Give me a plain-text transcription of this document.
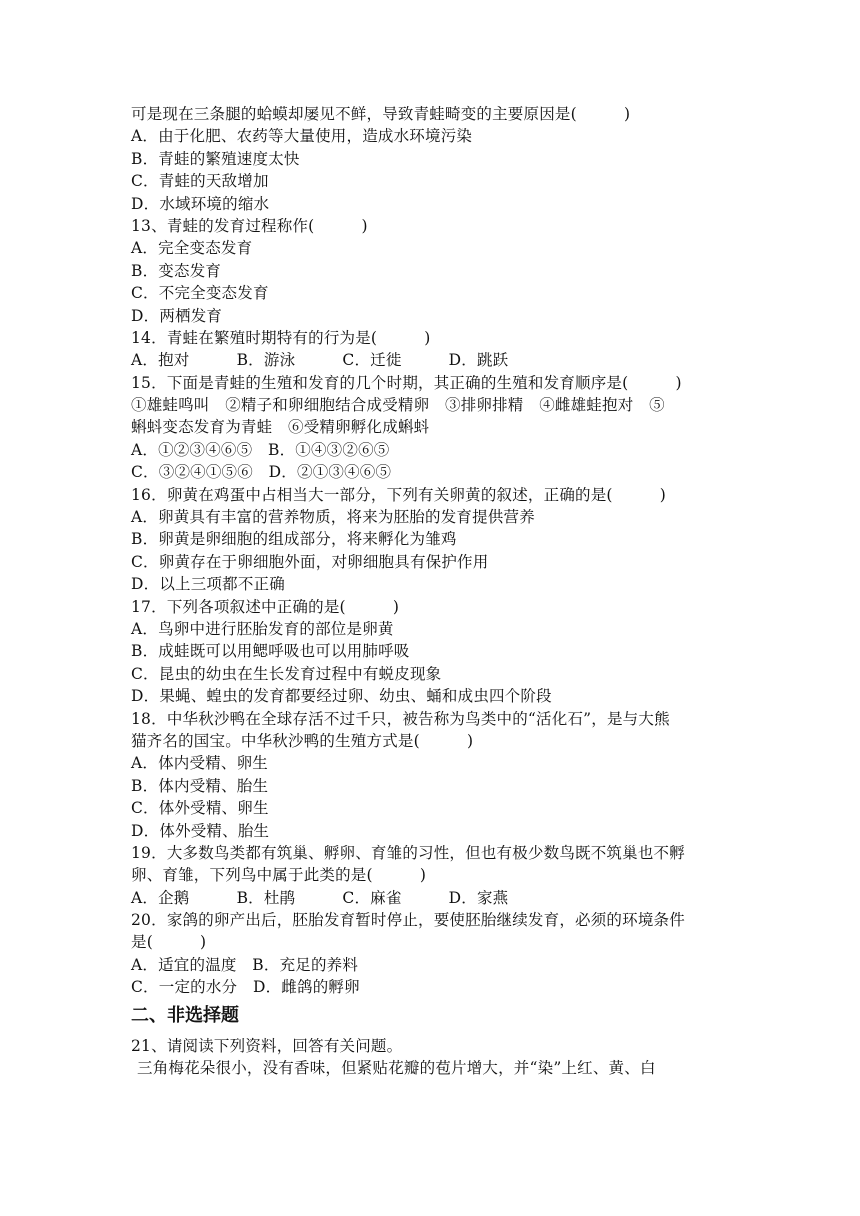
可是现在三条腿的蛤蟆却屡见不鲜，导致青蛙畸变的主要原因是(　　　)
A．由于化肥、农药等大量使用，造成水环境污染
B．青蛙的繁殖速度太快
C．青蛙的天敌增加
D．水域环境的缩水
13、青蛙的发育过程称作(　　　)
A．完全变态发育
B．变态发育
C．不完全变态发育
D．两栖发育
14．青蛙在繁殖时期特有的行为是(　　　)
A．抱对　　　B．游泳　　　C．迁徙　　　D．跳跃
15．下面是青蛙的生殖和发育的几个时期，其正确的生殖和发育顺序是(　　　)
①雄蛙鸣叫　②精子和卵细胞结合成受精卵　③排卵排精　④雌雄蛙抱对　⑤
蝌蚪变态发育为青蛙　⑥受精卵孵化成蝌蚪
A．①②③④⑥⑤　B．①④③②⑥⑤
C．③②④①⑤⑥　D．②①③④⑥⑤
16．卵黄在鸡蛋中占相当大一部分，下列有关卵黄的叙述，正确的是(　　　)
A．卵黄具有丰富的营养物质，将来为胚胎的发育提供营养
B．卵黄是卵细胞的组成部分，将来孵化为雏鸡
C．卵黄存在于卵细胞外面，对卵细胞具有保护作用
D．以上三项都不正确
17．下列各项叙述中正确的是(　　　)
A．鸟卵中进行胚胎发育的部位是卵黄
B．成蛙既可以用鳃呼吸也可以用肺呼吸
C．昆虫的幼虫在生长发育过程中有蜕皮现象
D．果蝇、蝗虫的发育都要经过卵、幼虫、蛹和成虫四个阶段
18．中华秋沙鸭在全球存活不过千只，被告称为鸟类中的“活化石”，是与大熊
猫齐名的国宝。中华秋沙鸭的生殖方式是(　　　)
A．体内受精、卵生
B．体内受精、胎生
C．体外受精、卵生
D．体外受精、胎生
19．大多数鸟类都有筑巢、孵卵、育雏的习性，但也有极少数鸟既不筑巢也不孵
卵、育雏，下列鸟中属于此类的是(　　　)
A．企鹅　　　B．杜鹃　　　C．麻雀　　　D．家燕
20．家鸽的卵产出后，胚胎发育暂时停止，要使胚胎继续发育，必须的环境条件
是(　　　)
A．适宜的温度　B．充足的养料
C．一定的水分　D．雌鸽的孵卵
二、非选择题
21、请阅读下列资料，回答有关问题。
三角梅花朵很小，没有香味，但紧贴花瓣的苞片增大，并“染”上红、黄、白
